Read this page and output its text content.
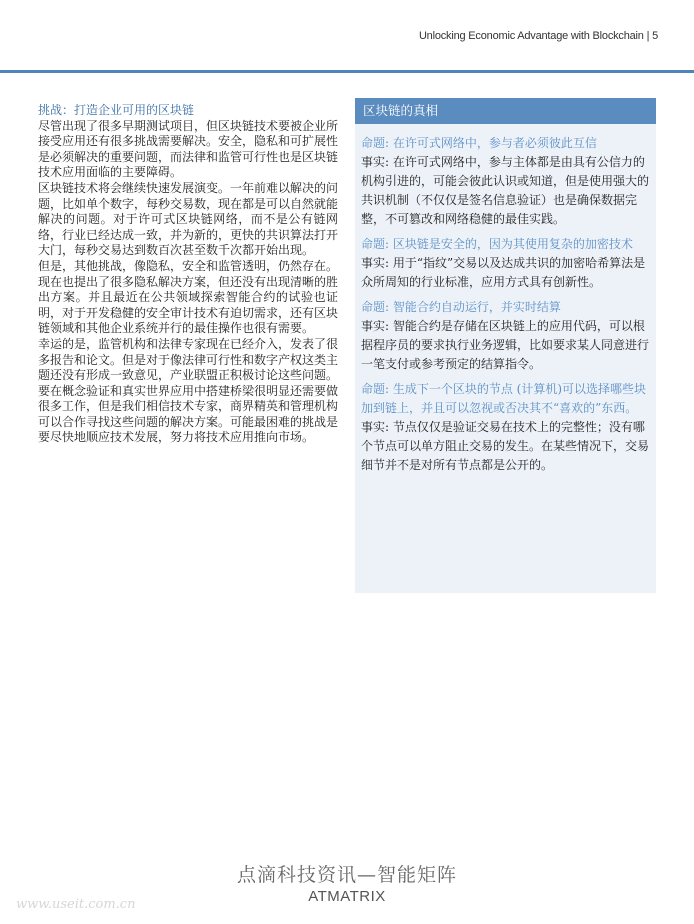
Unlocking Economic Advantage with Blockchain | 5

挑战：打造企业可用的区块链

尽管出现了很多早期测试项目，但区块链技术要被企业所接受应用还有很多挑战需要解决。安全，隐私和可扩展性是必须解决的重要问题，而法律和监管可行性也是区块链技术应用面临的主要障碍。

区块链技术将会继续快速发展演变。一年前难以解决的问题，比如单个数字，每秒交易数，现在都是可以自然就能解决的问题。对于许可式区块链网络，而不是公有链网络，行业已经达成一致，并为新的，更快的共识算法打开大门，每秒交易达到数百次甚至数千次都开始出现。

但是，其他挑战，像隐私，安全和监管透明，仍然存在。现在也提出了很多隐私解决方案，但还没有出现清晰的胜出方案。并且最近在公共领域探索智能合约的试验也证明，对于开发稳健的安全审计技术有迫切需求，还有区块链领域和其他企业系统并行的最佳操作也很有需要。

幸运的是，监管机构和法律专家现在已经介入，发表了很多报告和论文。但是对于像法律可行性和数字产权这类主题还没有形成一致意见，产业联盟正积极讨论这些问题。

要在概念验证和真实世界应用中搭建桥梁很明显还需要做很多工作，但是我们相信技术专家，商界精英和管理机构可以合作寻找这些问题的解决方案。可能最困难的挑战是要尽快地顺应技术发展，努力将技术应用推向市场。

区块链的真相

命题: 在许可式网络中，参与者必须彼此互信

事实: 在许可式网络中，参与主体都是由具有公信力的机构引进的，可能会彼此认识或知道，但是使用强大的共识机制（不仅仅是签名信息验证）也是确保数据完整，不可篡改和网络稳健的最佳实践。

命题: 区块链是安全的，因为其使用复杂的加密技术

事实: 用于“指纹”交易以及达成共识的加密哈希算法是众所周知的行业标准，应用方式具有创新性。

命题: 智能合约自动运行，并实时结算

事实: 智能合约是存储在区块链上的应用代码，可以根据程序员的要求执行业务逻辑，比如要求某人同意进行一笔支付或参考预定的结算指令。

命题: 生成下一个区块的节点 (计算机)可以选择哪些块加到链上，并且可以忽视或否决其不“喜欢的”东西。

事实: 节点仅仅是验证交易在技术上的完整性；没有哪个节点可以单方阻止交易的发生。在某些情况下，交易细节并不是对所有节点都是公开的。

点滴科技资讯—智能矩阵
ATMATRIX
www.useit.com.cn
